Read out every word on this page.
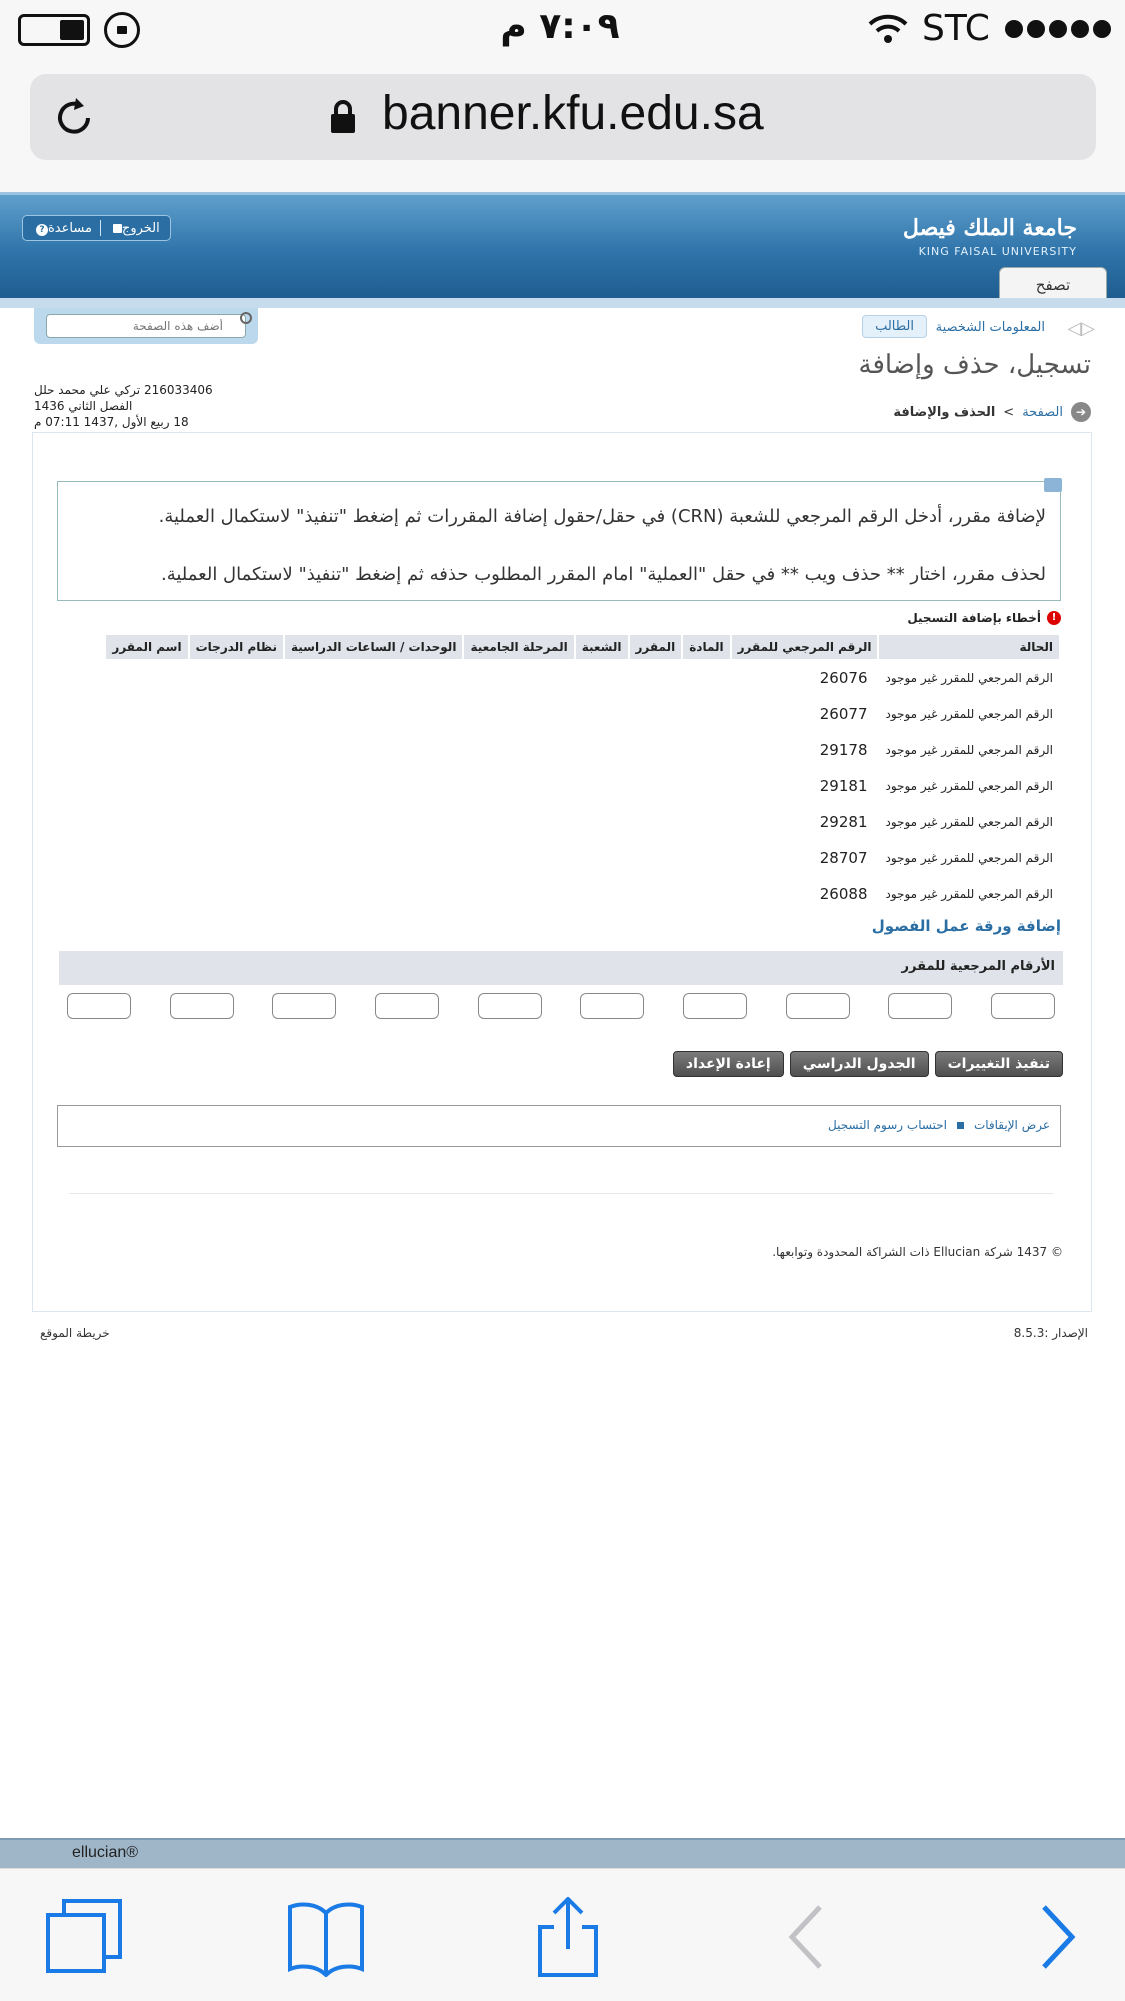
٧:٠٩ م	STC
banner.kfu.edu.sa
? مساعدة	الخروج	جامعة الملك فيصل
KING FAISAL UNIVERSITY
تصفح
أضف هذه الصفحة
◁▷
المعلومات الشخصية
الطالب
تسجيل، حذف وإضافة
216033406 تركي علي محمد حلل
الفصل الثاني 1436
18 ربيع الأول ,1437 07:11 م
➔
الصفحة
>
الحذف والإضافة
لإضافة مقرر، أدخل الرقم المرجعي للشعبة (CRN) في حقل/حقول إضافة المقررات ثم إضغط "تنفيذ" لاستكمال العملية.
لحذف مقرر، اختار ** حذف ويب ** في حقل "العملية" امام المقرر المطلوب حذفه ثم إضغط "تنفيذ" لاستكمال العملية.
!
أخطاء بإضافة التسجيل
الحالة	الرقم المرجعي للمقرر	المادة	المقرر	الشعبة	المرحلة الجامعية	الوحدات / الساعات الدراسية	نظام الدرجات	اسم المقرر
الرقم المرجعي للمقرر غير موجود	26076							
الرقم المرجعي للمقرر غير موجود	26077							
الرقم المرجعي للمقرر غير موجود	29178							
الرقم المرجعي للمقرر غير موجود	29181							
الرقم المرجعي للمقرر غير موجود	29281							
الرقم المرجعي للمقرر غير موجود	28707							
الرقم المرجعي للمقرر غير موجود	26088							
إضافة ورقة عمل الفصول
الأرقام المرجعية للمقرر
تنفيذ التغييرات
الجدول الدراسي
إعادة الإعداد
عرض الإيقافات
احتساب رسوم التسجيل
© 1437 شركة Ellucian ذات الشراكة المحدودة وتوابعها.
خريطة الموقع	الإصدار :8.5.3
ellucian®
